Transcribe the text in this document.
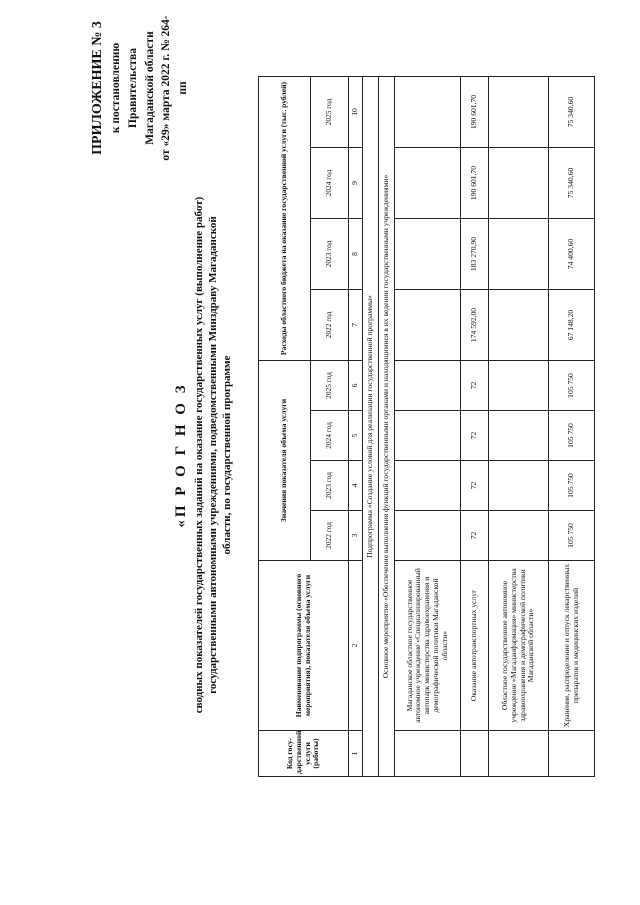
ПРИЛОЖЕНИЕ № 3 к постановлению Правительства Магаданской области от «29» марта 2022 г. № 264-пп
«П Р О Г Н О З сводных показателей государственных заданий на оказание государственных услуг (выполнение работ) государственными автономными учреждениями, подведомственными Минздраву Магаданской области, по государственной программе
Код госу-дарственной услуги (работы)	Наименование подпрограммы (основного мероприятия), показателя объема услуги	Значения показателя объема услуги				Расходы областного бюджета на оказание государственной услуги (тыс. рублей)			
		2022 год	2023 год	2024 год	2025 год	2022 год	2023 год	2024 год	2025 год
1	2	3	4	5	6	7	8	9	10
Подпрограмма «Создание условий для реализации государственной программы»									
Основное мероприятие «Обеспечение выполнения функций государственными органами и находящимися в их ведении государственными учреждениями»									
	Магаданское областное государственное автономное учреждение «Специализированный автопарк министерства здравоохранения и демографической политики Магаданской области»								
	Оказание автотранспортных услуг	72	72	72	72	174 592,00	183 270,90	190 601,70	190 601,70
	Областное государственное автономное учреждение «Магаданфармация» министерства здравоохранения и демографической политики Магаданской области»								
	Хранение, распределение и отпуск лекарственных препаратов и медицинских изделий	105 750	105 750	105 750	105 750	67 148,20	74 400,60	75 340,60	75 340,60
